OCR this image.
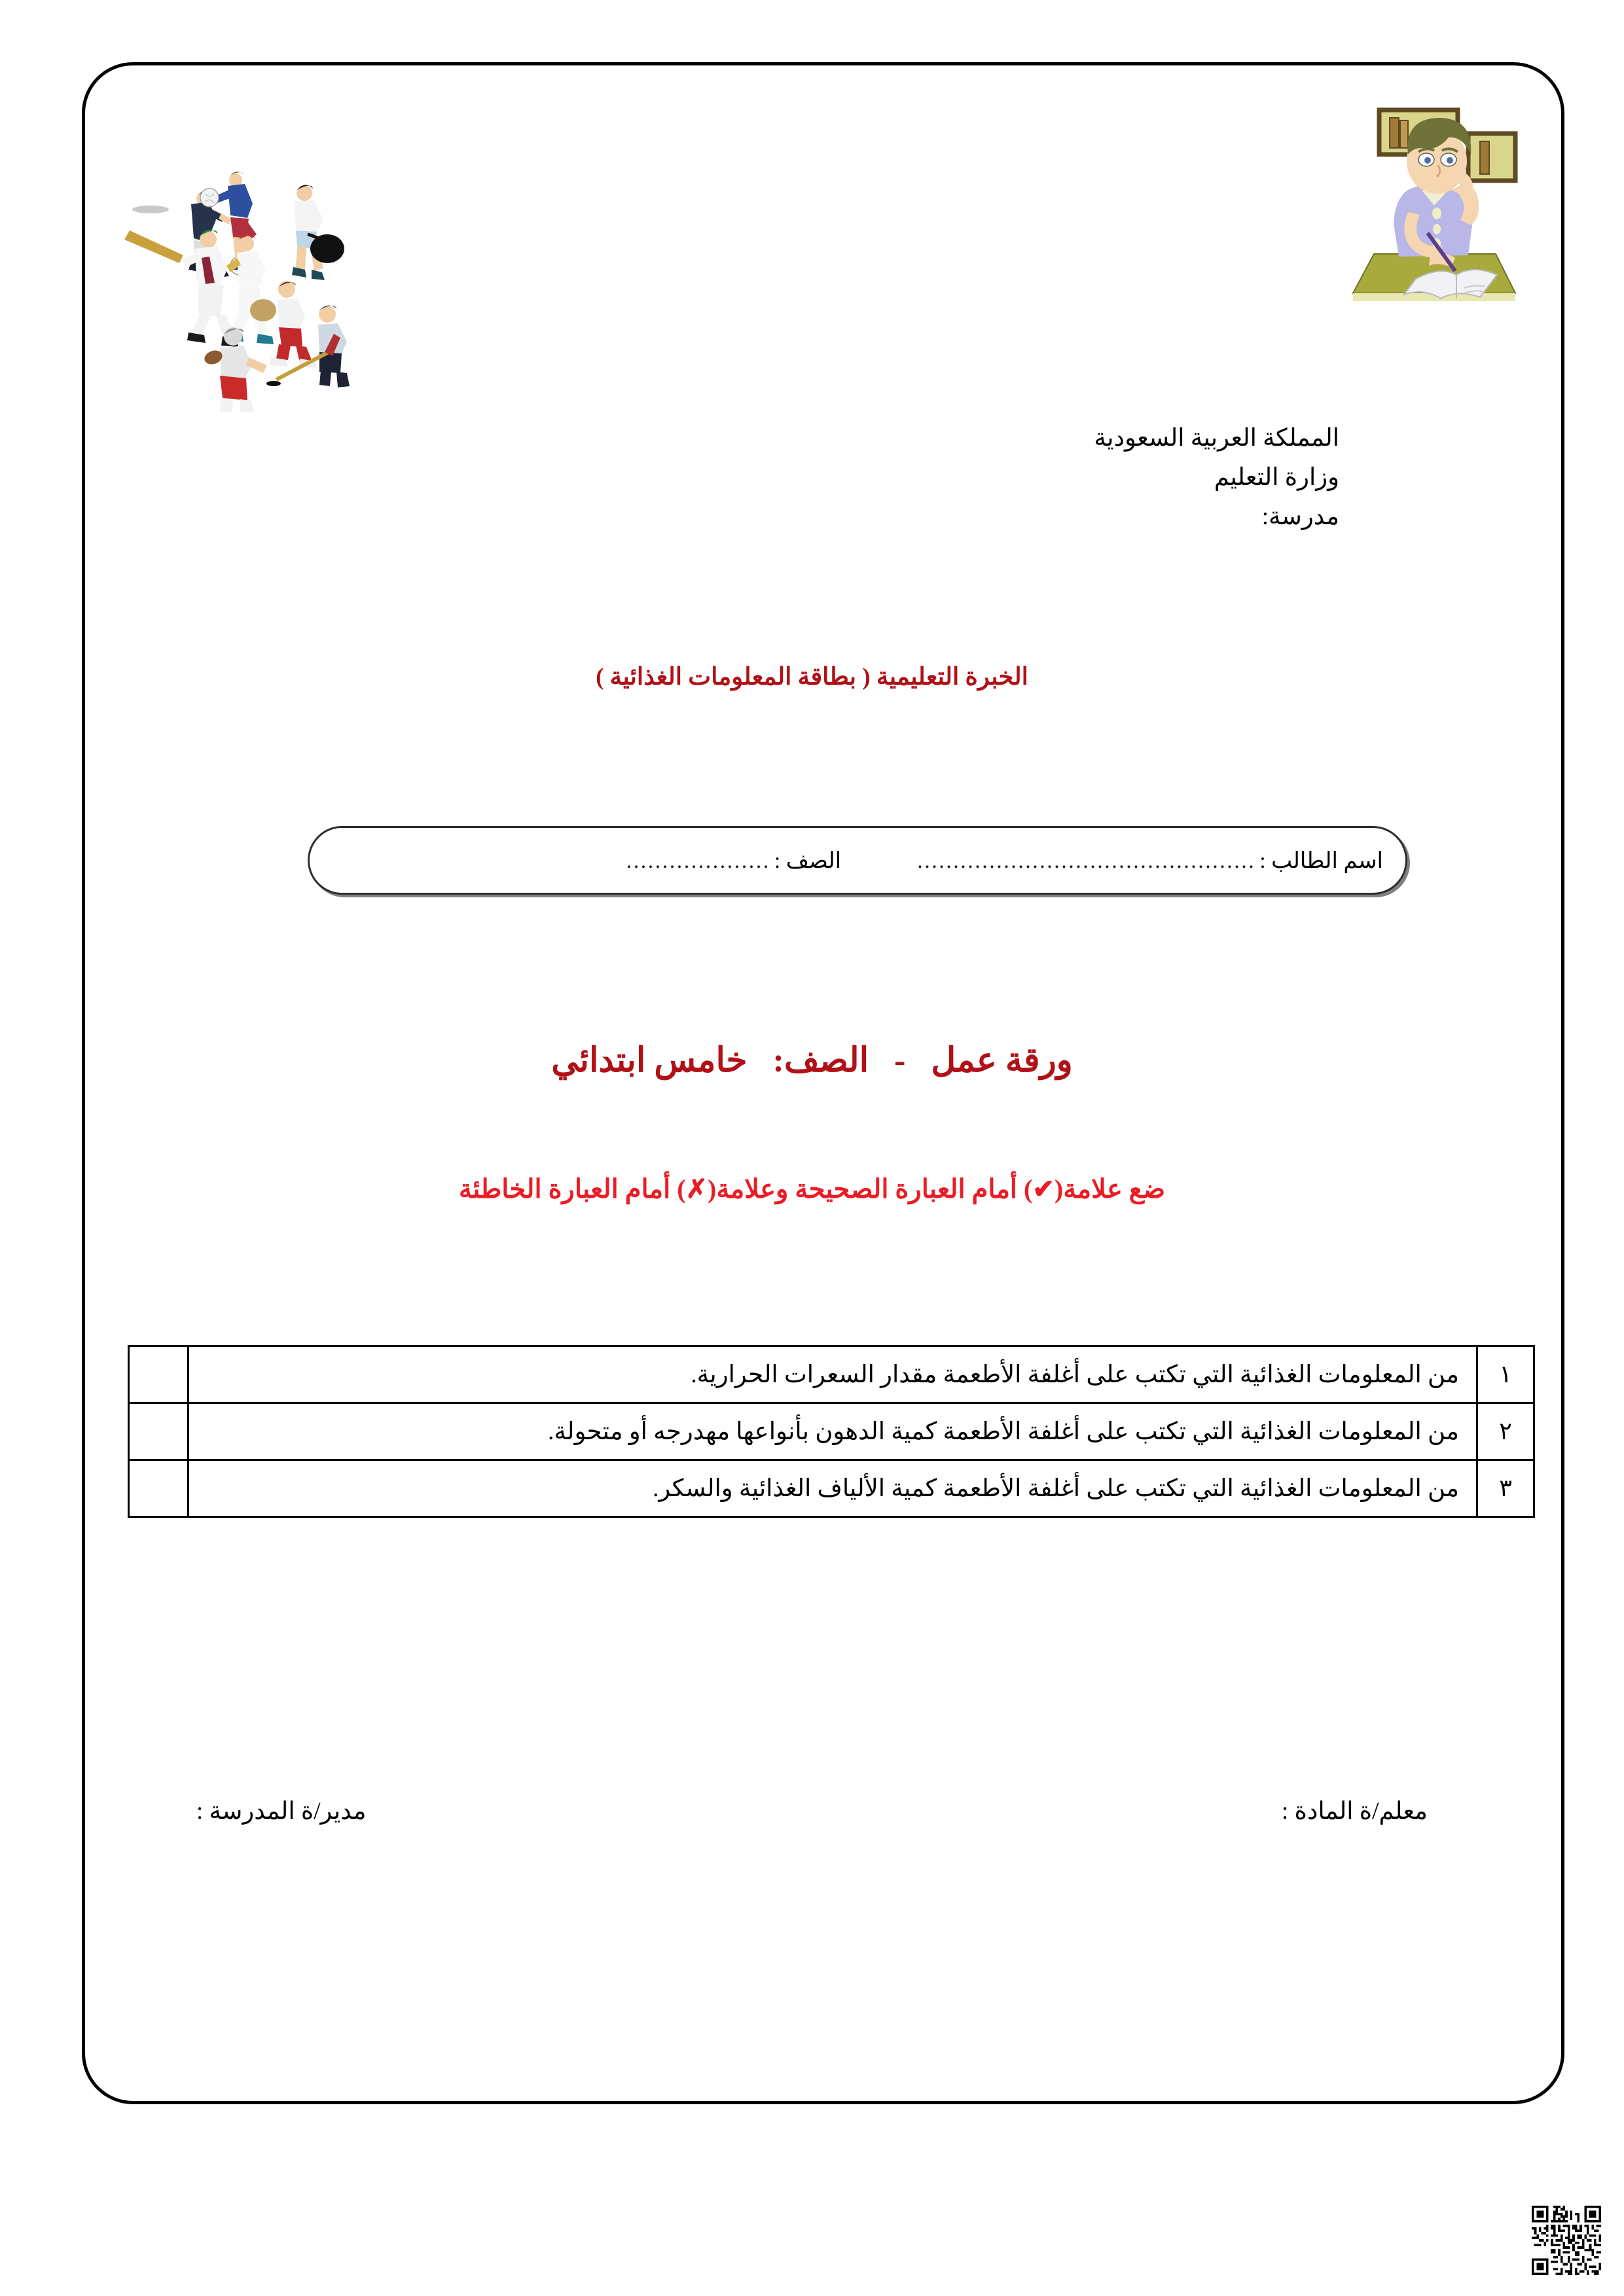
المملكة العربية السعودية
وزارة التعليم
مدرسة:
الخبرة التعليمية ( بطاقة المعلومات الغذائية )
اسم الطالب :
...............................................
الصف :
....................
ورقة عمل - الصف:   خامس ابتدائي
ضع علامة(✔) أمام العبارة الصحيحة وعلامة(✗) أمام العبارة الخاطئة
١	من المعلومات الغذائية التي تكتب على أغلفة الأطعمة مقدار السعرات الحرارية.	
٢	من المعلومات الغذائية التي تكتب على أغلفة الأطعمة كمية الدهون بأنواعها مهدرجه أو متحولة.	
٣	من المعلومات الغذائية التي تكتب على أغلفة الأطعمة كمية الألياف الغذائية والسكر.	
معلم/ة المادة :
مدير/ة المدرسة :
